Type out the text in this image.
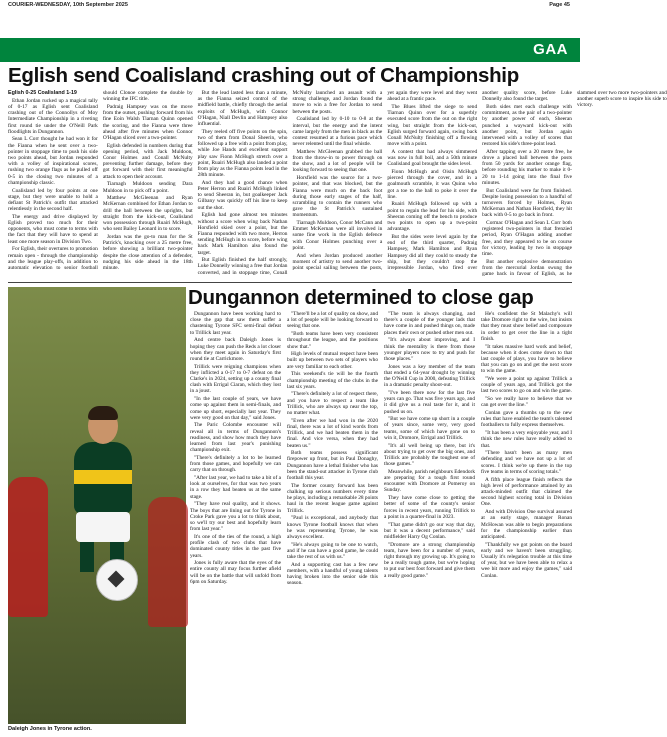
COURIER-WEDNESDAY, 10th September 2025	Page 45
GAA
Eglish send Coalisland crashing out of Championship
Eglish 0-25 Coalisland 1-19

Ethan Jordan rucked up a magical tally of 0-17 as Eglish sent Coalisland crashing out of the Connollys of Moy Intermediate Championship in a riveting first round tie under the O'Neill Park floodlights in Dungannon.

Sean L Corr thought he had won it for the Fianna when he sent over a two-pointer in stoppage time to push his side two points ahead, but Jordan responded with a volley of inspirational scores, rushing two orange flags as he pulled off 0-5 in the closing two minutes of a championship classic.

Coalisland led by four points at one stage, but they were unable to hold a defiant St Patrick's outfit that attacked relentlessly in the second half.

The energy and drive displayed by Eglish proved too much for their opponents, who must come to terms with the fact that they will have to spend at least one more season in Division Two.

For Eglish, their overtures to promotion remain open - through the championship and the league play-offs, in addition to automatic elevation to senior football should Clonoe complete the double by winning the IFC title.

Padraig Hampsey was on the move from the outset, pushing forward from his fine Eoin Walsh Tiarnan Quinn opened the scoring, and the Fianna were three ahead after five minutes when Connor O'Hagan sliced over a two-pointer.

Eglish defended in numbers during that opening period, with Jack Muldoon, Conor Holmes and Conall McNulty preventing further damage, before they got forward with their first meaningful attack to open their account.

Tiarnagh Muldoon sending Dara Muldoon in to pick off a point.

Matthew McGleenan and Ryan McKernan combined for Ethan Jordan to drill the ball between the uprights, but straight from the kick-out, Coalisland won possession through Ruairi McHugh, who sent Bailey Leonard in to score.

Jordan was the go-to man for the St Patrick's, knocking over a 25 metre free, before showing a brilliant two-pointer despite the close attention of a defender, nudging his side ahead in the 18th minute.

But the lead lasted less than a minute, as the Fianna seized control of the midfield battle, chiefly through the aerial exploits of McHugh, with Connor O'Hagan, Niall Devlin and Hampsey also influential.

They reeled off five points on the spin, two of them from Donal Sheerin, who followed up a free with a point from play, while Joe Hands and excellent support play saw Fionn McHugh stretch over a point, Ruairi McHugh also landed a point from play as the Fianna points lead in the 28th minute.

And they had a good chance when Peter Herron and Ruairi McHugh linked to send Sheeran in, but goalkeeper Jack Gilbany was quickly off his line to keep out the shot.

Eglish had gone almost ten minutes without a score when wing back Nathan Horsfield skied over a point, but the Fianna responded with two more, Herron sending McHugh in to score, before wing back Mark Hamilton also found the target.

But Eglish finished the half strongly, Luke Donnelly winning a free that Jordan converted, and in stoppage time, Conall McNulty launched an assault with a strong challenge, and Jordan found the move to win a free for Jordan to send between the posts.

Coalisland led by 0-10 to 0-8 at the interval, but the energy and the intent came largely from the men in black as the contest resumed at a furious pace which never relented until the final whistle.

Matthew McGleenan grabbed the ball from the throw-in to power through on the show, and a lot of people will be looking forward to seeing that one.

Horsfield was the source for a two-pointer, and that was blocked, but the Fianna were much on the back foot during those early stages of the half, scrambling to contain the runners who gave the St Patrick's sustained momentum.

Tiarnagh Muldoon, Conor McCann and Emmet McKernan were all involved in some fine work in the Eglish defence with Conor Holmes punching over a point.

And when Jordan produced another moment of artistry to send another two-point special sailing between the posts, yet again they were level and they went ahead at a frantic pace.

The Blues lifted the siege to send Tiarnan Quinn over for a superbly executed score from the out on the right wing, but straight from the kick-out, Eglish surged forward again, swing back Conall McNulty finishing off a flowing move with a point.

A contest that had always simmered was now in full boil, and a 50th minute Coalisland goal brought the sides level.

Fionn McHugh and Oisin McHugh pierced through the cover, and in a goalmouth scramble, it was Quinn who got a toe to the ball to poke it over the line.

Ruairi McHugh followed up with a point to regain the lead for his side, with Sheeran coming off the bench to produce two points to open up a two-point advantage.

But the sides were level again by the end of the third quarter, Padraig Hampsey, Mark Hamilton and Ryan Hampsey did all they could to steady the ship, but they couldn't stop the irrepressible Jordan, who fired over another quality score, before Luke Donnelly also found the target.

Both sides met each challenge with commitment, as the pair of a two-pointer by another power of each, Sheeran punched a wayward kick-out with another point, but Jordan again intervened with a volley of scores that restored his side's three-point lead.

After tapping over a 20 metre free, he drove a placed ball between the posts from 50 yards for another orange flag, before rounding his marker to make it 0-20 to 1-14 going into the final five minutes.

But Coalisland were far from finished. Despite losing possession to a handful of turnovers forced by Holmes, Ryan McKernan and Nathan Horsfield, they hit back with 0-5 to go back in front.

Cormac O'Hagan and Sean L Corr both registered two-pointers in that frenzied period, Ryan O'Hagan adding another free, and they appeared to be on course for victory, leading by two in stoppage time.

But another explosive demonstration from the mercurial Jordan swung the game back in favour of Eglish, as he slammed over two more two-pointers and another superb score to inspire his side to victory.

Daleigh Jones in Tyrone action.
Dungannon determined to close gap

Dungannon have been working hard to close the gap that saw them suffer a chastening Tyrone SFC semi-final defeat to Trillick last year.

And centre back Daleigh Jones is hoping they can push the Reds a lot closer when they meet again in Saturday's first round tie at Carrickmore.

Trillick were reigning champions when they inflicted a 0-17 to 0-7 defeat on the Clarke's in 2024, setting up a county final clash with Errigal Ciaran, which they lost in a joust.

"In the last couple of years, we have come up against them in semi-finals, and come up short, especially last year. They were very good on that day," said Jones.

The Paric Colombe encounter will reveal all in terms of Dungannon's readiness, and show how much they have learned from last year's punishing championship exit.

"There's definitely a lot to be learned from those games, and hopefully we can carry that on through.

"After last year, we had to take a bit of a look at ourselves, for that was two years in a row they had beaten us at the same stage.

"They have real quality, and it shows. The boys that are lining out for Tyrone in Croke Park gave you a lot to think about, so we'll try our best and hopefully learn from last year."

It's one of the ties of the round, a high profile clash of two clubs that have dominated county titles in the past five years.

Jones is fully aware that the eyes of the entire county all may focus further afield will be on the battle that will unfold from 6pm on Saturday.

"There'll be a lot of quality on show, and a lot of people will be looking forward to seeing that one.

"Both teams have been very consistent throughout the league, and the positions show that."

High levels of mutual respect have been built up between two sets of players who are very familiar to each other.

This weekend's tie will be the fourth championship meeting of the clubs in the last six years.

"There's definitely a lot of respect there, and you have to respect a team like Trillick, who are always up near the top, no matter what.

"Even after we had won in the 2020 final, there was a lot of kind words from Trillick, and we had beaten them in the final. And vice versa, when they had beaten us."

Both teams possess significant firepower up front, but in Paul Donaghy, Dungannon have a lethal finisher who has been the stand-out attacker in Tyrone club football this year.

The former county forward has been chalking up serious numbers every time he plays, including a remarkable 28 points haul in the recent league game against Trillick.

"Paul is exceptional, and anybody that knows Tyrone football knows that when he was representing Tyrone, he was always excellent.

"He's always going to be one to watch, and if he can have a good game, he could take the rest of us with us."

And a supporting cast has a few new members, with a handful of young talents having broken into the senior side this season.

"The team is always changing, and there's a couple of the younger lads that have come in and pushed things on, made places their own or pushed other men out.

"It's always about improving, and I think the mentality is there from those younger players now to try and push for those places."

Jones was a key member of the team that ended a 64-year drought by winning the O'Neill Cup in 2000, defeating Trillick in a dramatic penalty shoot-out.

"I've been there now for the last five years can go. That was five years ago, and it did give us a real taste for it, and it pushed us on.

"But we have come up short in a couple of years since, some very, very good teams, some of which have gone on to win it, Dromore, Errigal and Trillick.

"It's all well being up there, but it's about trying to get over the big ones, and Trillick are probably the toughest one of those games."

Meanwhile, parish neighbours Edendork are preparing for a tough first round encounter with Dromore at Pomeroy on Sunday.

They have come close to getting the better of some of the county's senior forces in recent years, running Trillick to a point in a quarter-final in 2023.

"That game didn't go our way that day, but it was a decent performance," said midfielder Harry Og Conlan.

"Dromore are a strong championship team, have been for a number of years, right through my growing up. It's going to be a really tough game, but we're hoping to put our best foot forward and give them a really good game."

He's confident the St Malachy's will take Dromore right to the wire, but insists that they must show belief and composure in order to get over the line in a tight finish.

"It takes massive hard work and belief, because when it does come down to that last couple of plays, you have to believe that you can go on and get the next score to win the game.

"We were a point up against Trillick a couple of years ago, and Trillick got the last two scores to go on and win the game.

"So we really have to believe that we can get over the line."

Conlan gave a thumbs up to the new rules that have enabled the team's talented footballers to fully express themselves.

"It has been a very enjoyable year, and I think the new rules have really added to that.

"There hasn't been as many men defending and we have not up a lot of scores. I think we're up there in the top five teams in terms of scoring totals."

A fifth place league finish reflects the high level of performance attained by an attack-minded outfit that claimed the second highest scoring total in Division One.

And with Division One survival assured at an early stage, manager Ronan McHowan was able to begin preparations for the championship earlier than anticipated.

"Thankfully we got points on the board early and we haven't been struggling. Usually it's relegation trouble at this time of year, but we have been able to relax a wee bit more and enjoy the games," said Conlan.
